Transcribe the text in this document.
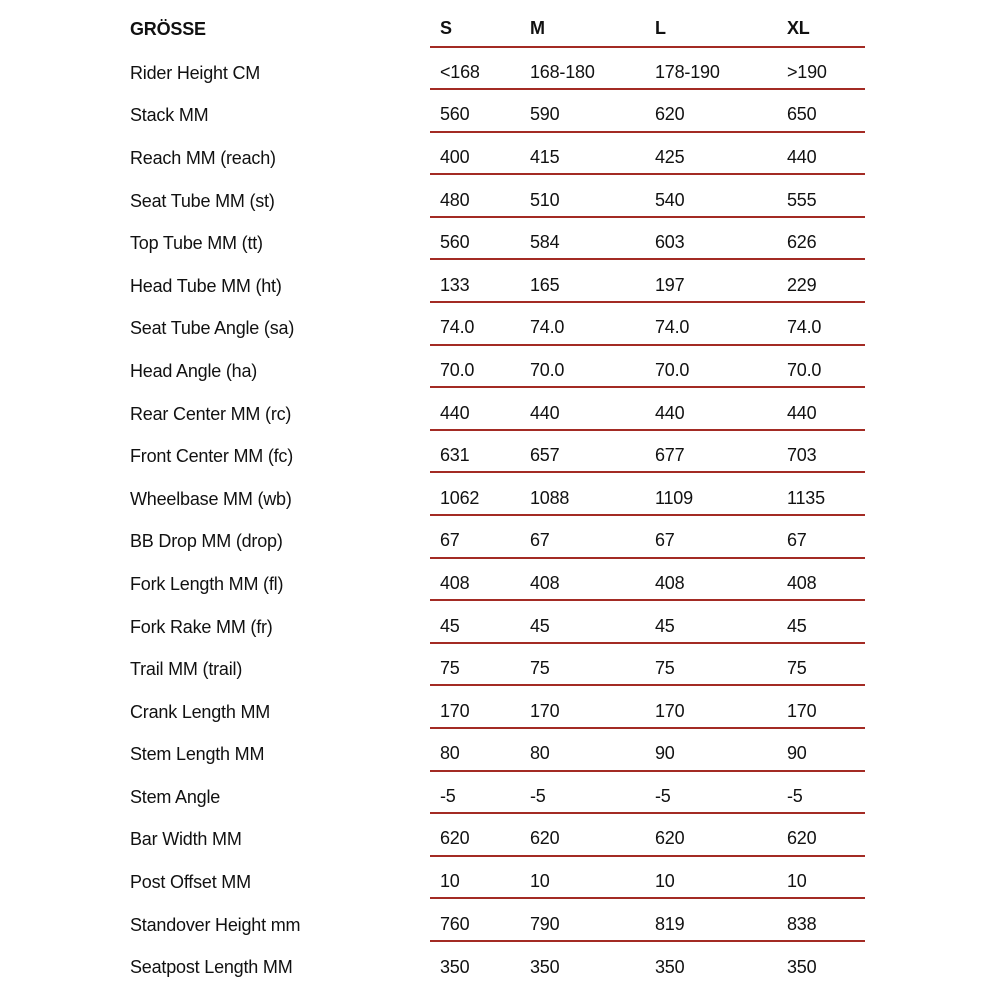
GRÖSSE	S	M	L	XL
Rider Height CM	<168	168-180	178-190	>190
Stack MM	560	590	620	650
Reach MM (reach)	400	415	425	440
Seat Tube MM (st)	480	510	540	555
Top Tube MM (tt)	560	584	603	626
Head Tube MM (ht)	133	165	197	229
Seat Tube Angle (sa)	74.0	74.0	74.0	74.0
Head Angle (ha)	70.0	70.0	70.0	70.0
Rear Center MM (rc)	440	440	440	440
Front Center MM (fc)	631	657	677	703
Wheelbase MM (wb)	1062	1088	1109	1135
BB Drop MM (drop)	67	67	67	67
Fork Length MM (fl)	408	408	408	408
Fork Rake MM (fr)	45	45	45	45
Trail MM (trail)	75	75	75	75
Crank Length MM	170	170	170	170
Stem Length MM	80	80	90	90
Stem Angle	-5	-5	-5	-5
Bar Width MM	620	620	620	620
Post Offset MM	10	10	10	10
Standover Height mm	760	790	819	838
Seatpost Length MM	350	350	350	350
